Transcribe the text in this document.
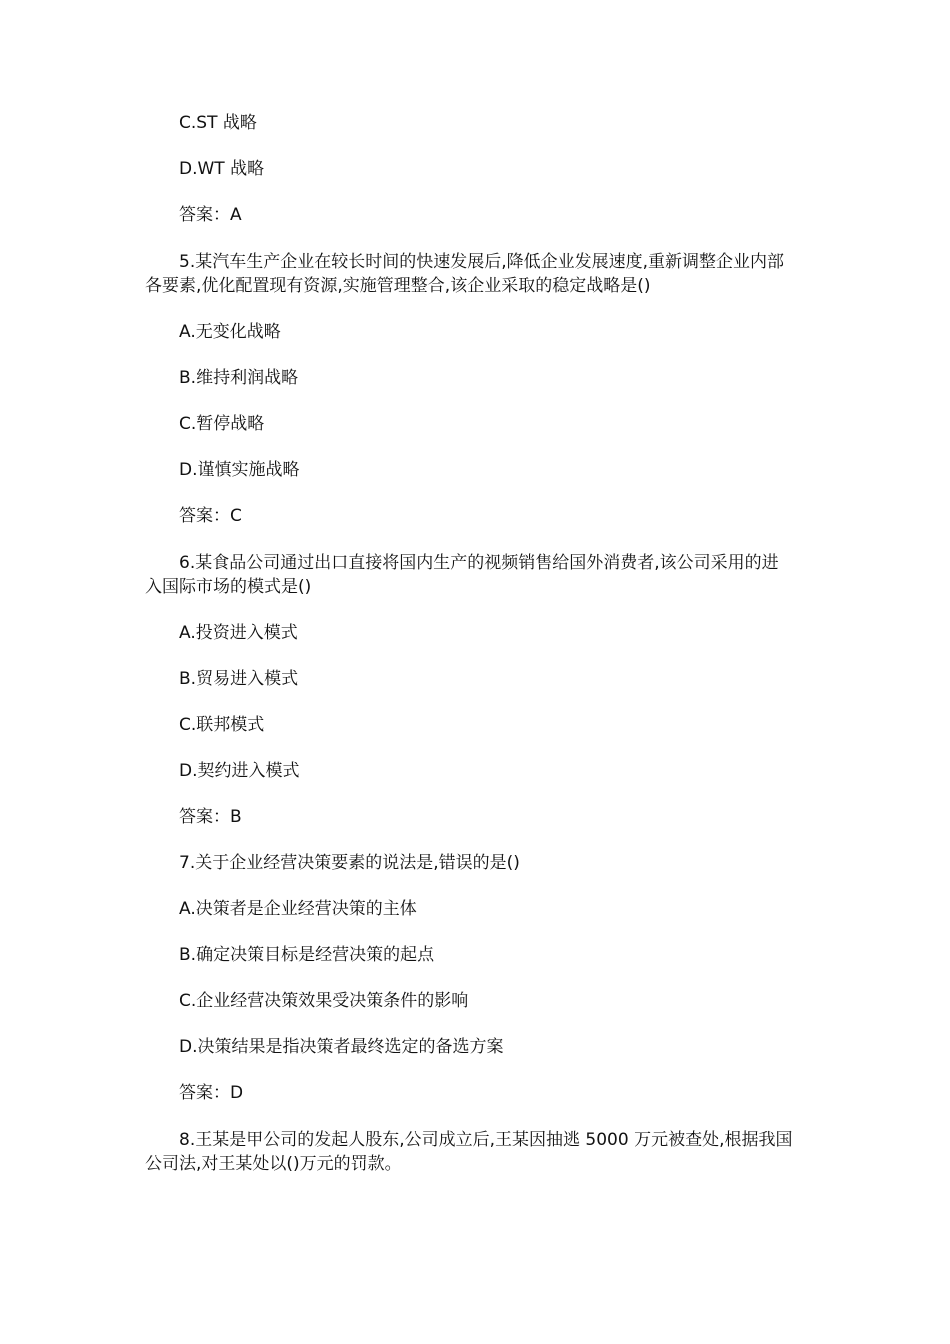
C.ST 战略
D.WT 战略
答案：A
5.某汽车生产企业在较长时间的快速发展后,降低企业发展速度,重新调整企业内部
各要素,优化配置现有资源,实施管理整合,该企业采取的稳定战略是()
A.无变化战略
B.维持利润战略
C.暂停战略
D.谨慎实施战略
答案：C
6.某食品公司通过出口直接将国内生产的视频销售给国外消费者,该公司采用的进
入国际市场的模式是()
A.投资进入模式
B.贸易进入模式
C.联邦模式
D.契约进入模式
答案：B
7.关于企业经营决策要素的说法是,错误的是()
A.决策者是企业经营决策的主体
B.确定决策目标是经营决策的起点
C.企业经营决策效果受决策条件的影响
D.决策结果是指决策者最终选定的备选方案
答案：D
8.王某是甲公司的发起人股东,公司成立后,王某因抽逃 5000 万元被查处,根据我国
公司法,对王某处以()万元的罚款。
